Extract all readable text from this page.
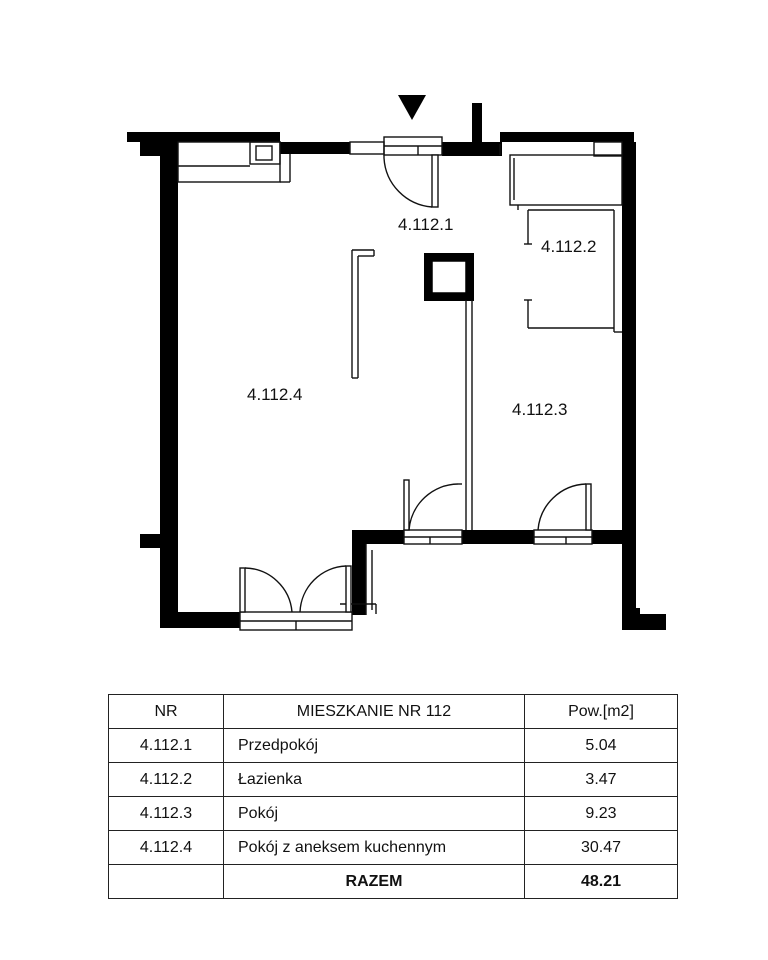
4.112.1
4.112.2
4.112.3
4.112.4
NR	MIESZKANIE NR 112	Pow.[m2]
4.112.1	Przedpokój	5.04
4.112.2	Łazienka	3.47
4.112.3	Pokój	9.23
4.112.4	Pokój z aneksem kuchennym	30.47
	RAZEM	48.21
